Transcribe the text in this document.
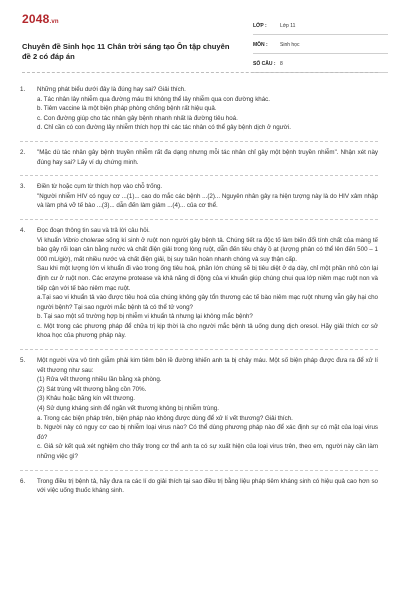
2048.vn
Chuyên đề Sinh học 11 Chân trời sáng tạo Ôn tập chuyên đề 2 có đáp án
LỚP :	Lớp 11
MÔN : Sinh học
SỐ CÂU : 8
1. Những phát biểu dưới đây là đúng hay sai? Giải thích.
a. Tác nhân lây nhiễm qua đường máu thì không thể lây nhiễm qua con đường khác.
b. Tiêm vaccine là một biện pháp phòng chống bệnh rất hiệu quả.
c. Con đường giúp cho tác nhân gây bệnh nhanh nhất là đường tiêu hoá.
d. Chỉ cần có con đường lây nhiễm thích hợp thì các tác nhân có thể gây bệnh dịch ở người.
2. "Mặc dù tác nhân gây bệnh truyền nhiễm rất đa dạng nhưng mỗi tác nhân chỉ gây một bệnh truyền nhiễm". Nhận xét này đúng hay sai? Lấy ví dụ chứng minh.
3. Điền từ hoặc cụm từ thích hợp vào chỗ trống.
"Người nhiễm HIV có nguy cơ ...(1)... cao do mắc các bệnh ...(2)... Nguyên nhân gây ra hiện tượng này là do HIV xâm nhập và làm phá vỡ tế bào ...(3)... dẫn đến làm giảm ...(4)... của cơ thể.
4. Đọc đoạn thông tin sau và trả lời câu hỏi.
Vi khuẩn Vibrio cholerae sống kí sinh ở ruột non người gây bệnh tả. Chúng tiết ra độc tố làm biến đổi tính chất của màng tế bào gây rối loạn cân bằng nước và chất điện giải trong lòng ruột, dẫn đến tiêu chảy ồ ạt (lượng phân có thể lên đến 500 – 1 000 mL/giờ), mất nhiều nước và chất điện giải, bị suy tuần hoàn nhanh chóng và suy thận cấp.
Sau khi một lượng lớn vi khuẩn đi vào trong ống tiêu hoá, phần lớn chúng sẽ bị tiêu diệt ở dạ dày, chỉ một phần nhỏ còn lại định cư ở ruột non. Các enzyme protease và khả năng di động của vi khuẩn giúp chúng chui qua lớp niêm mạc ruột non và tiếp cận với tế bào niêm mạc ruột.
a.Tại sao vi khuẩn tả vào được tiêu hoá của chúng không gây tổn thương các tế bào niêm mạc ruột nhưng vẫn gây hại cho người bệnh? Tại sao người mắc bệnh tả có thể tử vong?
b. Tại sao một số trường hợp bị nhiễm vi khuẩn tả nhưng lại không mắc bệnh?
c. Một trong các phương pháp để chữa trị kịp thời là cho người mắc bệnh tả uống dung dịch oresol. Hãy giải thích cơ sở khoa học của phương pháp này.
5. Một người vừa vô tình giẫm phải kim tiêm bên lề đường khiến anh ta bị chảy máu. Một số biện pháp được đưa ra để xử lí vết thương như sau:
(1) Rửa vết thương nhiều lần bằng xà phòng.
(2) Sát trùng vết thương bằng cồn 70%.
(3) Khâu hoặc băng kín vết thương.
(4) Sử dụng kháng sinh để ngăn vết thương không bị nhiễm trùng.
a. Trong các biện pháp trên, biện pháp nào không được dùng để xử lí vết thương? Giải thích.
b. Người này có nguy cơ cao bị nhiễm loại virus nào? Có thể dùng phương pháp nào để xác định sự có mặt của loại virus đó?
c. Giả sử kết quả xét nghiệm cho thấy trong cơ thể anh ta có sự xuất hiện của loại virus trên, theo em, người này cần làm những việc gì?
6. Trong điều trị bệnh tả, hãy đưa ra các lí do giải thích tại sao điều trị bằng liệu pháp tiêm kháng sinh có hiệu quả cao hơn so với việc uống thuốc kháng sinh.
